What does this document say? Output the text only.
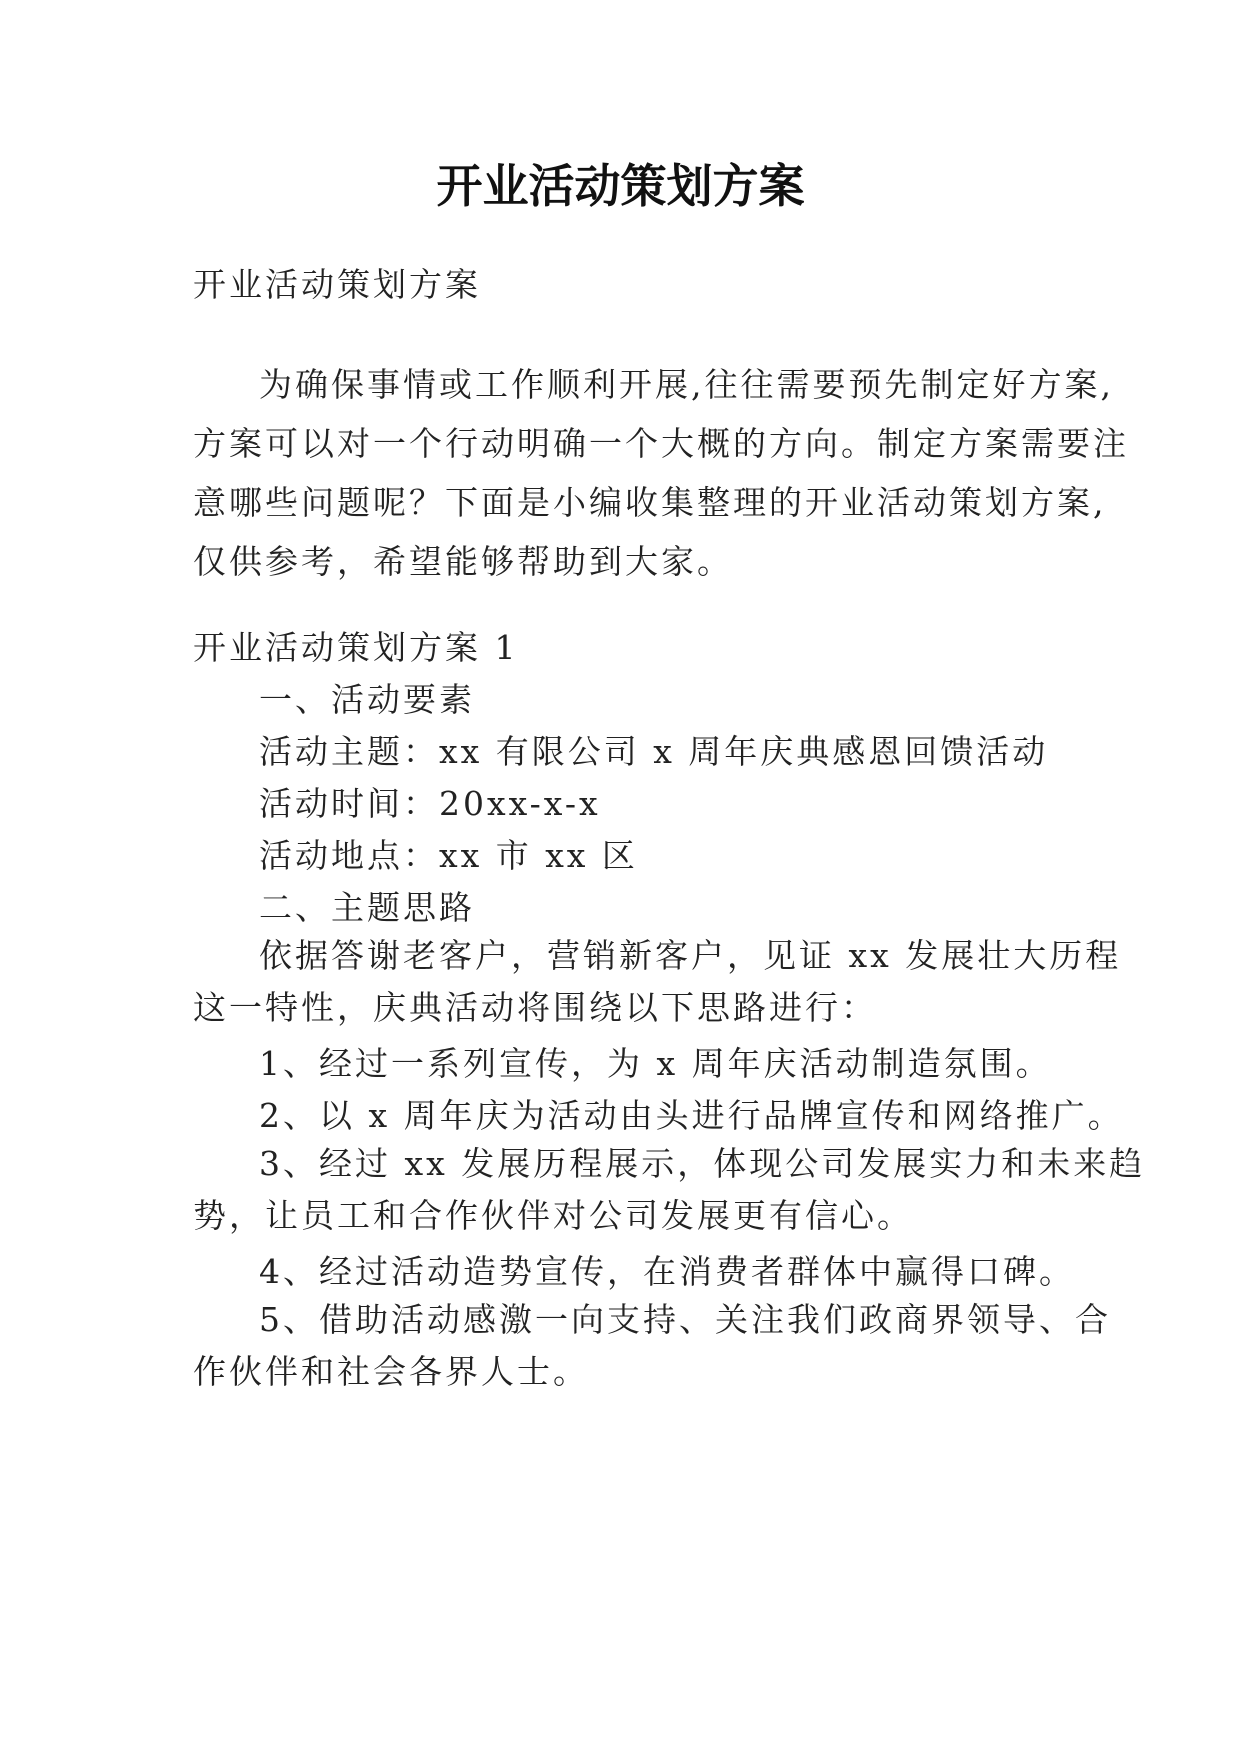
开业活动策划方案

开业活动策划方案

为确保事情或工作顺利开展,往往需要预先制定好方案,
方案可以对一个行动明确一个大概的方向。制定方案需要注
意哪些问题呢？下面是小编收集整理的开业活动策划方案,
仅供参考，希望能够帮助到大家。

开业活动策划方案 1

一、活动要素

活动主题：xx 有限公司 x 周年庆典感恩回馈活动

活动时间：20xx-x-x

活动地点：xx 市 xx 区

二、主题思路

依据答谢老客户，营销新客户，见证 xx 发展壮大历程
这一特性，庆典活动将围绕以下思路进行：

1、经过一系列宣传，为 x 周年庆活动制造氛围。

2、以 x 周年庆为活动由头进行品牌宣传和网络推广。

3、经过 xx 发展历程展示，体现公司发展实力和未来趋
势，让员工和合作伙伴对公司发展更有信心。

4、经过活动造势宣传，在消费者群体中赢得口碑。

5、借助活动感激一向支持、关注我们政商界领导、合
作伙伴和社会各界人士。
